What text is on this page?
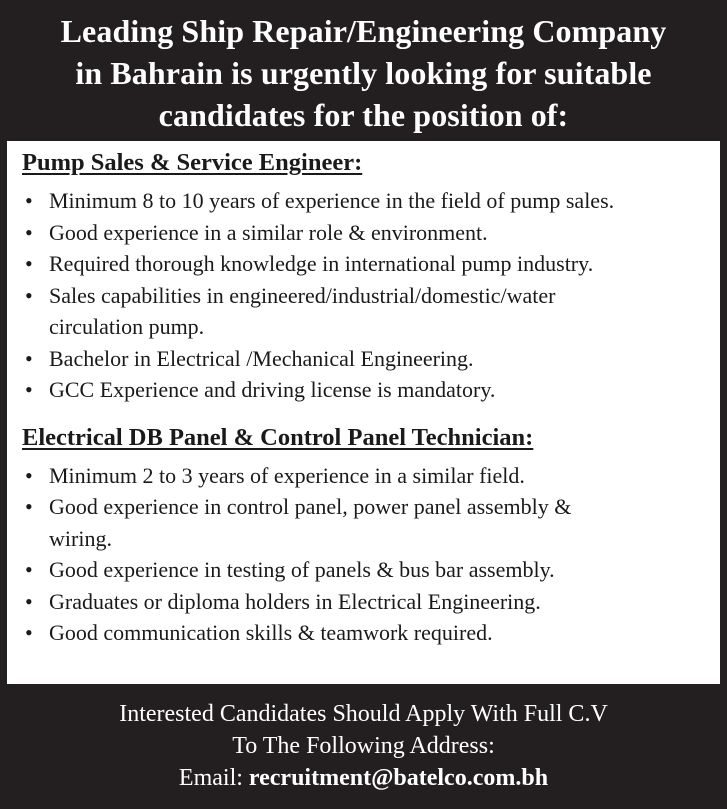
Leading Ship Repair/Engineering Company
in Bahrain is urgently looking for suitable
candidates for the position of:
Pump Sales & Service Engineer:
• Minimum 8 to 10 years of experience in the field of pump sales.
• Good experience in a similar role & environment.
• Required thorough knowledge in international pump industry.
• Sales capabilities in engineered/industrial/domestic/water
circulation pump.
• Bachelor in Electrical /Mechanical Engineering.
• GCC Experience and driving license is mandatory.
Electrical DB Panel & Control Panel Technician:
• Minimum 2 to 3 years of experience in a similar field.
• Good experience in control panel, power panel assembly &
wiring.
• Good experience in testing of panels & bus bar assembly.
• Graduates or diploma holders in Electrical Engineering.
• Good communication skills & teamwork required.
Interested Candidates Should Apply With Full C.V
To The Following Address:
Email: recruitment@batelco.com.bh
